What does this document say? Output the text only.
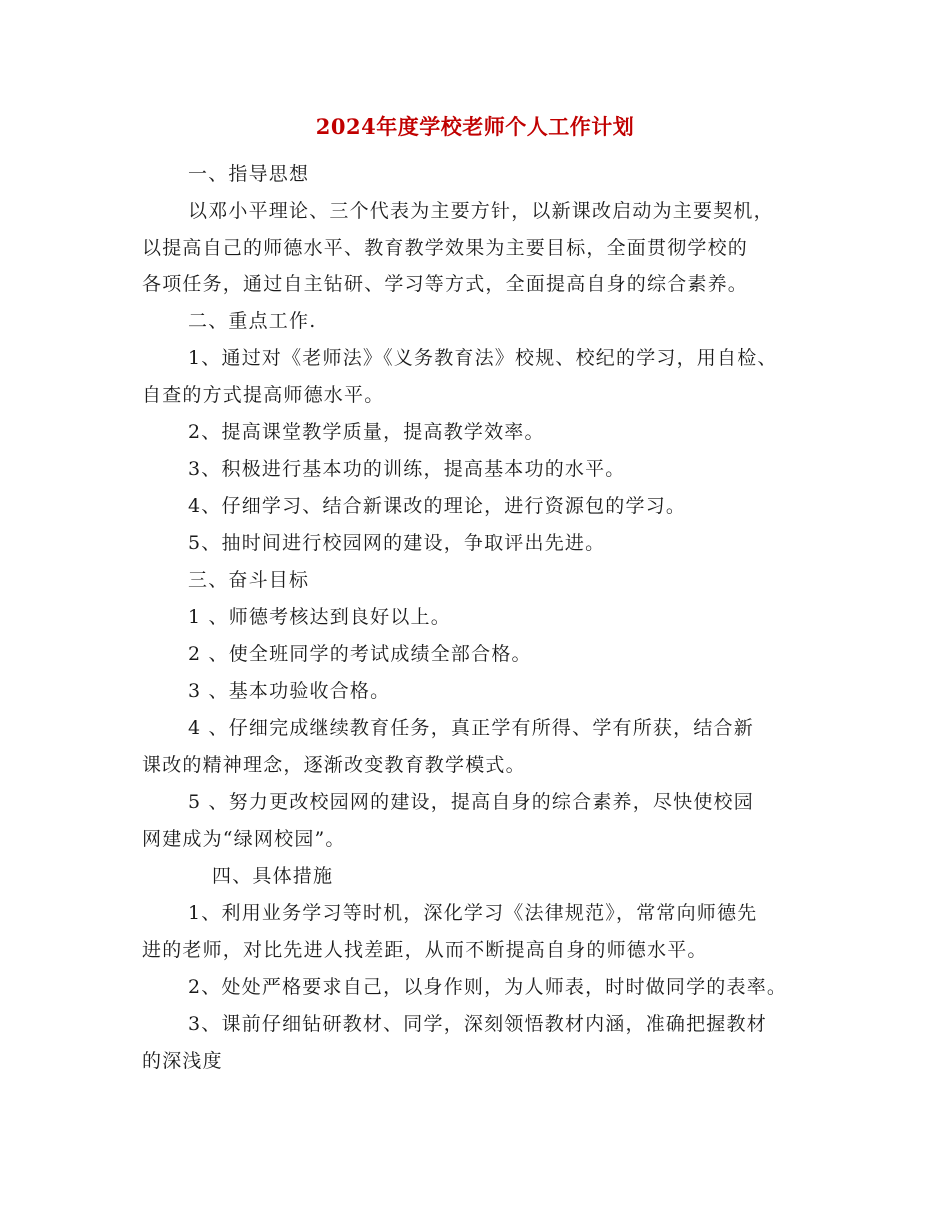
2024年度学校老师个人工作计划
一、指导思想
以邓小平理论、三个代表为主要方针，以新课改启动为主要契机，
以提高自己的师德水平、教育教学效果为主要目标，全面贯彻学校的
各项任务，通过自主钻研、学习等方式，全面提高自身的综合素养。
二、重点工作.
1、通过对《老师法》《义务教育法》校规、校纪的学习，用自检、
自查的方式提高师德水平。
2、提高课堂教学质量，提高教学效率。
3、积极进行基本功的训练，提高基本功的水平。
4、仔细学习、结合新课改的理论，进行资源包的学习。
5、抽时间进行校园网的建设，争取评出先进。
三、奋斗目标
1 、师德考核达到良好以上。
2 、使全班同学的考试成绩全部合格。
3 、基本功验收合格。
4 、仔细完成继续教育任务，真正学有所得、学有所获，结合新
课改的精神理念，逐渐改变教育教学模式。
5 、努力更改校园网的建设，提高自身的综合素养，尽快使校园
网建成为“绿网校园”。
四、具体措施
1、利用业务学习等时机，深化学习《法律规范》，常常向师德先
进的老师，对比先进人找差距，从而不断提高自身的师德水平。
2、处处严格要求自己，以身作则，为人师表，时时做同学的表率。
3、课前仔细钻研教材、同学，深刻领悟教材内涵，准确把握教材
的深浅度
